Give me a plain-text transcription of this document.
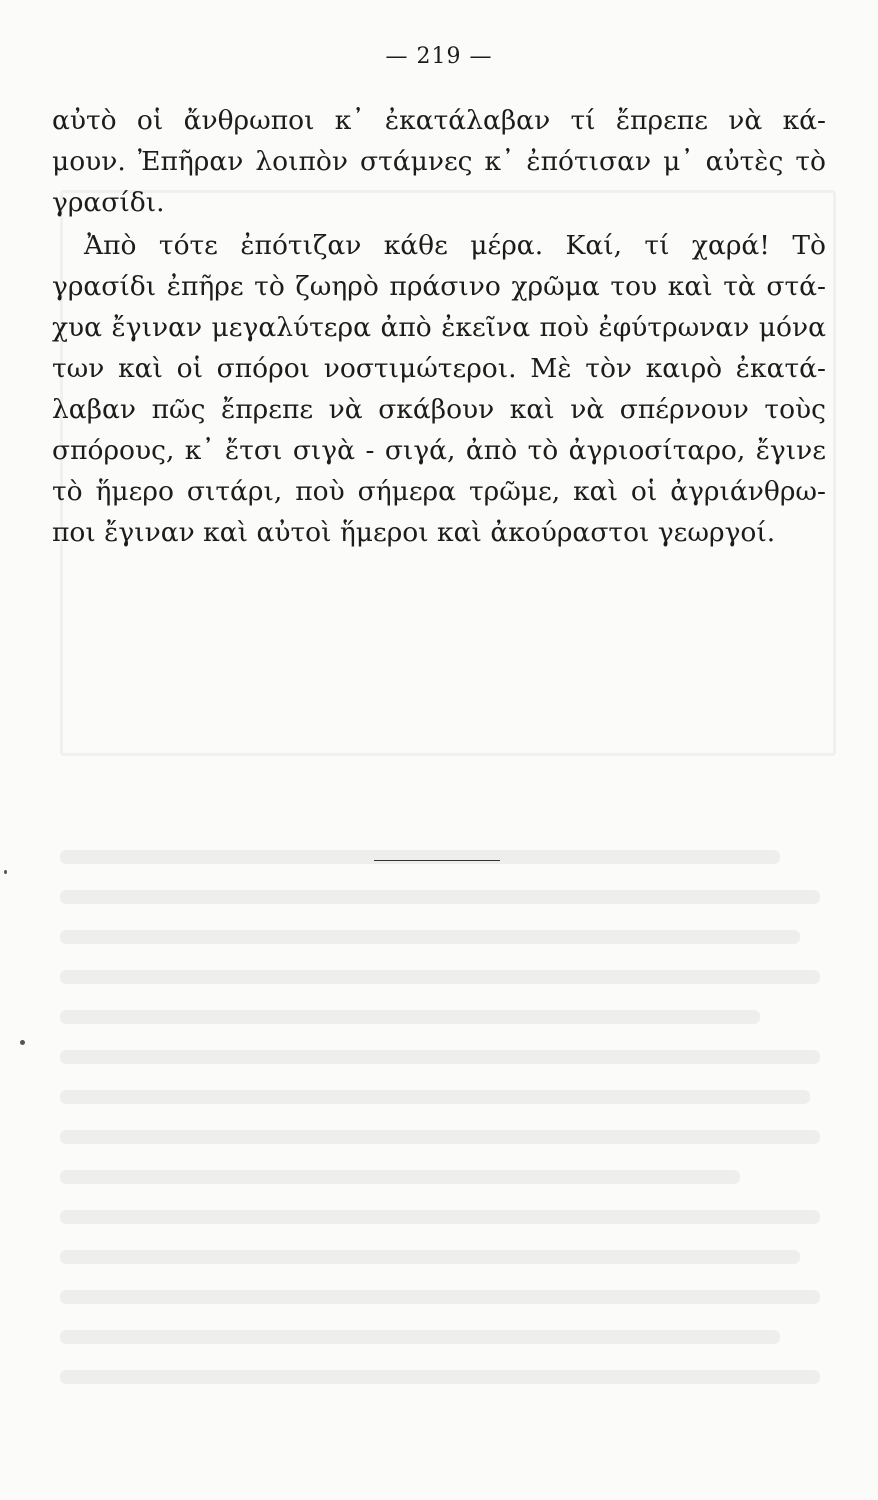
— 219 —
αὐτὸ οἱ ἄνθρωποι κ᾿ ἐκατάλαβαν τί ἔπρεπε νὰ κά-
μουν. Ἐπῆραν λοιπὸν στάμνες κ᾿ ἐπότισαν μ᾿ αὐτὲς τὸ
γρασίδι.
Ἀπὸ τότε ἐπότιζαν κάθε μέρα. Καί, τί χαρά! Τὸ
γρασίδι ἐπῆρε τὸ ζωηρὸ πράσινο χρῶμα του καὶ τὰ στά-
χυα ἔγιναν μεγαλύτερα ἀπὸ ἐκεῖνα ποὺ ἐφύτρωναν μόνα
των καὶ οἱ σπόροι νοστιμώτεροι. Μὲ τὸν καιρὸ ἐκατά-
λαβαν πῶς ἔπρεπε νὰ σκάβουν καὶ νὰ σπέρνουν τοὺς
σπόρους, κ᾿ ἔτσι σιγὰ - σιγά, ἀπὸ τὸ ἀγριοσίταρο, ἔγινε
τὸ ἥμερο σιτάρι, ποὺ σήμερα τρῶμε, καὶ οἱ ἀγριάνθρω-
ποι ἔγιναν καὶ αὐτοὶ ἥμεροι καὶ ἀκούραστοι γεωργοί.
